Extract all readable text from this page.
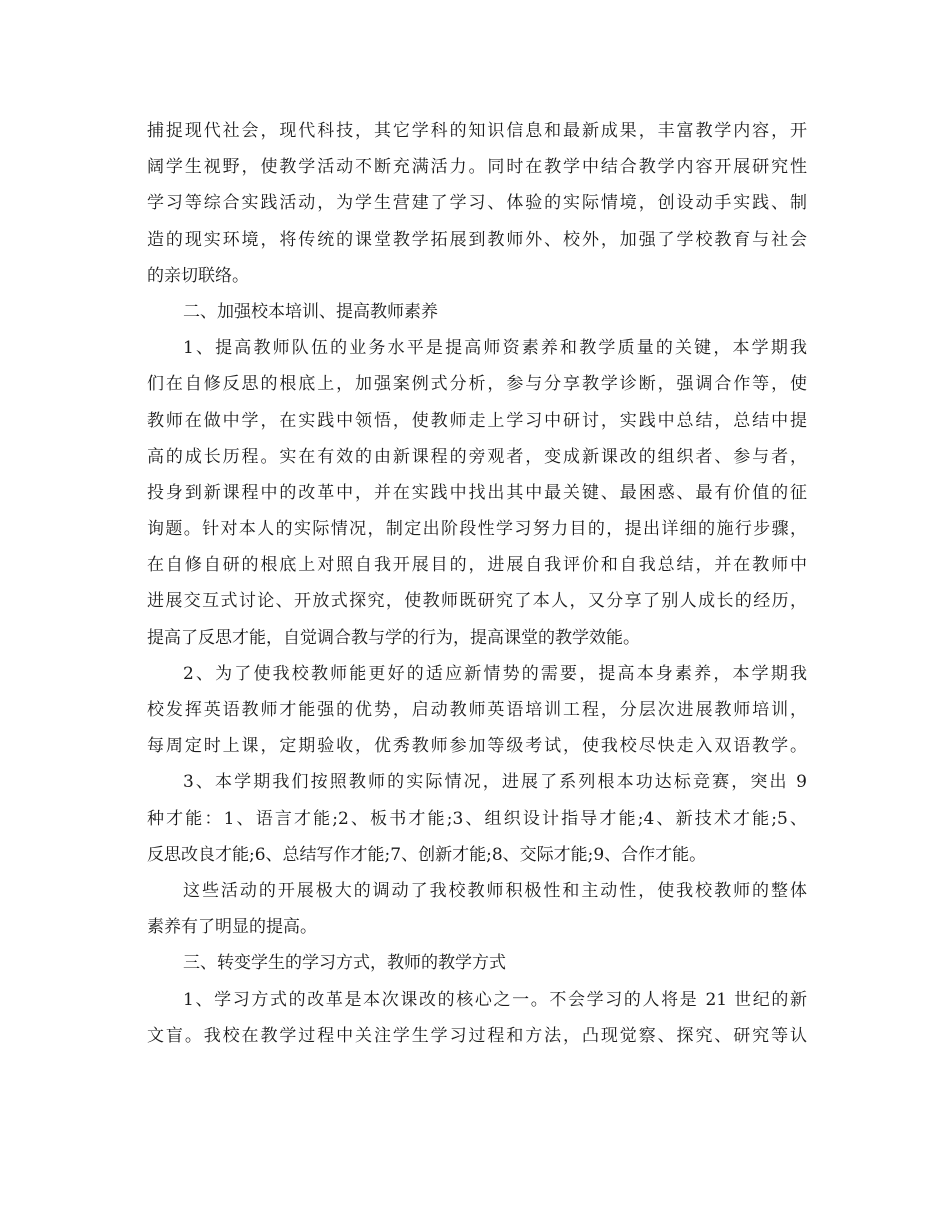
捕捉现代社会，现代科技，其它学科的知识信息和最新成果，丰富教学内容，开
阔学生视野，使教学活动不断充满活力。同时在教学中结合教学内容开展研究性
学习等综合实践活动，为学生营建了学习、体验的实际情境，创设动手实践、制
造的现实环境，将传统的课堂教学拓展到教师外、校外，加强了学校教育与社会
的亲切联络。
二、加强校本培训、提高教师素养
1、提高教师队伍的业务水平是提高师资素养和教学质量的关键，本学期我
们在自修反思的根底上，加强案例式分析，参与分享教学诊断，强调合作等，使
教师在做中学，在实践中领悟，使教师走上学习中研讨，实践中总结，总结中提
高的成长历程。实在有效的由新课程的旁观者，变成新课改的组织者、参与者，
投身到新课程中的改革中，并在实践中找出其中最关键、最困惑、最有价值的征
询题。针对本人的实际情况，制定出阶段性学习努力目的，提出详细的施行步骤，
在自修自研的根底上对照自我开展目的，进展自我评价和自我总结，并在教师中
进展交互式讨论、开放式探究，使教师既研究了本人，又分享了别人成长的经历，
提高了反思才能，自觉调合教与学的行为，提高课堂的教学效能。
2、为了使我校教师能更好的适应新情势的需要，提高本身素养，本学期我
校发挥英语教师才能强的优势，启动教师英语培训工程，分层次进展教师培训，
每周定时上课，定期验收，优秀教师参加等级考试，使我校尽快走入双语教学。
3、本学期我们按照教师的实际情况，进展了系列根本功达标竞赛，突出 9
种才能：1、语言才能;2、板书才能;3、组织设计指导才能;4、新技术才能;5、
反思改良才能;6、总结写作才能;7、创新才能;8、交际才能;9、合作才能。
这些活动的开展极大的调动了我校教师积极性和主动性，使我校教师的整体
素养有了明显的提高。
三、转变学生的学习方式，教师的教学方式
1、学习方式的改革是本次课改的核心之一。不会学习的人将是 21 世纪的新
文盲。我校在教学过程中关注学生学习过程和方法，凸现觉察、探究、研究等认
